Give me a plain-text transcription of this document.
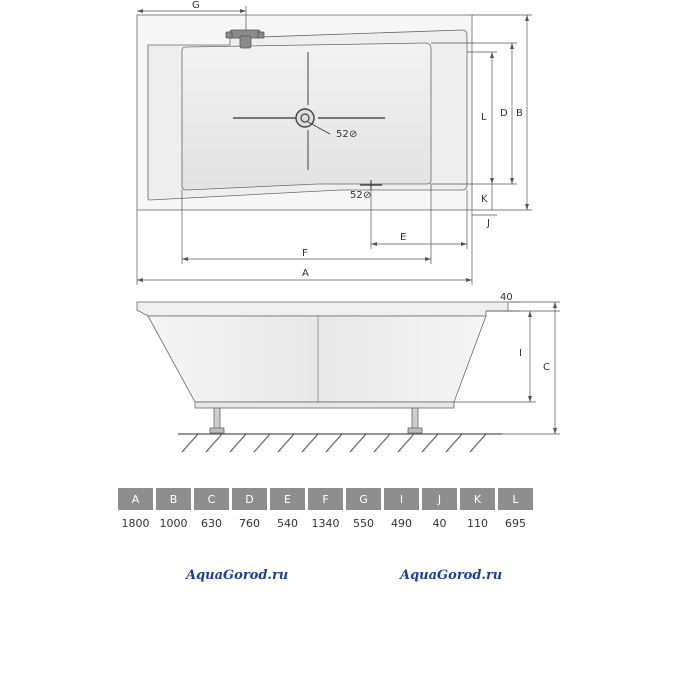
G
L D B
K
J
E
F
A
52 ⊘
52 ⊘
40
I
C
A	B	C	D	E	F	G	I	J	K	L
1800	1000	630	760	540	1340	550	490	40	110	695
AquaGorod.ru	AquaGorod.ru
